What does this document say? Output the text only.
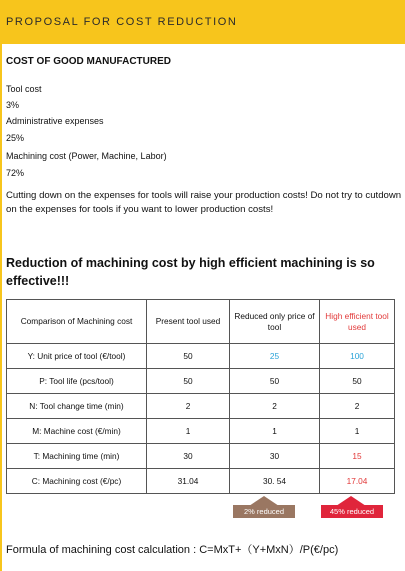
PROPOSAL FOR COST REDUCTION
COST OF GOOD MANUFACTURED
Tool cost
3%
Administrative expenses
25%
Machining cost (Power, Machine, Labor)
72%
Cutting down on the expenses for tools will raise your production costs! Do not try to cutdown on the expenses for tools if you want to lower production costs!
Reduction of machining cost by high efficient machining is so effective!!!
Comparison of Machining cost	Present tool used	Reduced only price of tool	High efficient tool used
Y: Unit price of tool (€/tool)	50	25	100
P: Tool life (pcs/tool)	50	50	50
N: Tool change time (min)	2	2	2
M: Machine cost (€/min)	1	1	1
T: Machining time (min)	30	30	15
C: Machining cost (€/pc)	31.04	30. 54	17.04
2% reduced	45% reduced
Formula of machining cost calculation : C=MxT+（Y+MxN）/P(€/pc)
